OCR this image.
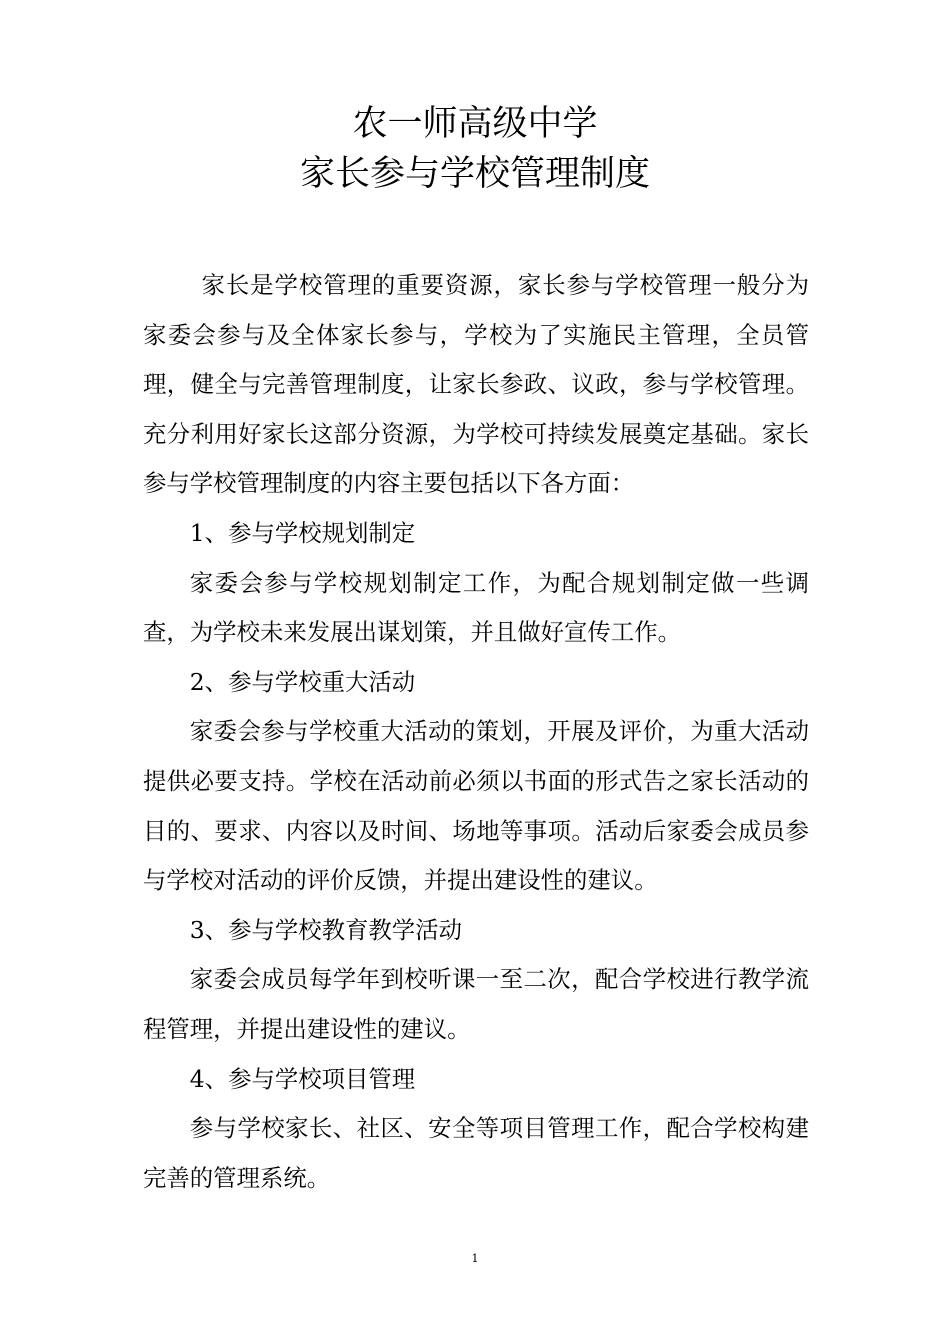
农一师高级中学
家长参与学校管理制度

家长是学校管理的重要资源，家长参与学校管理一般分为家委会参与及全体家长参与，学校为了实施民主管理，全员管理，健全与完善管理制度，让家长参政、议政，参与学校管理。充分利用好家长这部分资源，为学校可持续发展奠定基础。家长参与学校管理制度的内容主要包括以下各方面：

1、参与学校规划制定

家委会参与学校规划制定工作，为配合规划制定做一些调查，为学校未来发展出谋划策，并且做好宣传工作。

2、参与学校重大活动

家委会参与学校重大活动的策划，开展及评价，为重大活动提供必要支持。学校在活动前必须以书面的形式告之家长活动的目的、要求、内容以及时间、场地等事项。活动后家委会成员参与学校对活动的评价反馈，并提出建设性的建议。

3、参与学校教育教学活动

家委会成员每学年到校听课一至二次，配合学校进行教学流程管理，并提出建设性的建议。

4、参与学校项目管理

参与学校家长、社区、安全等项目管理工作，配合学校构建完善的管理系统。

1
